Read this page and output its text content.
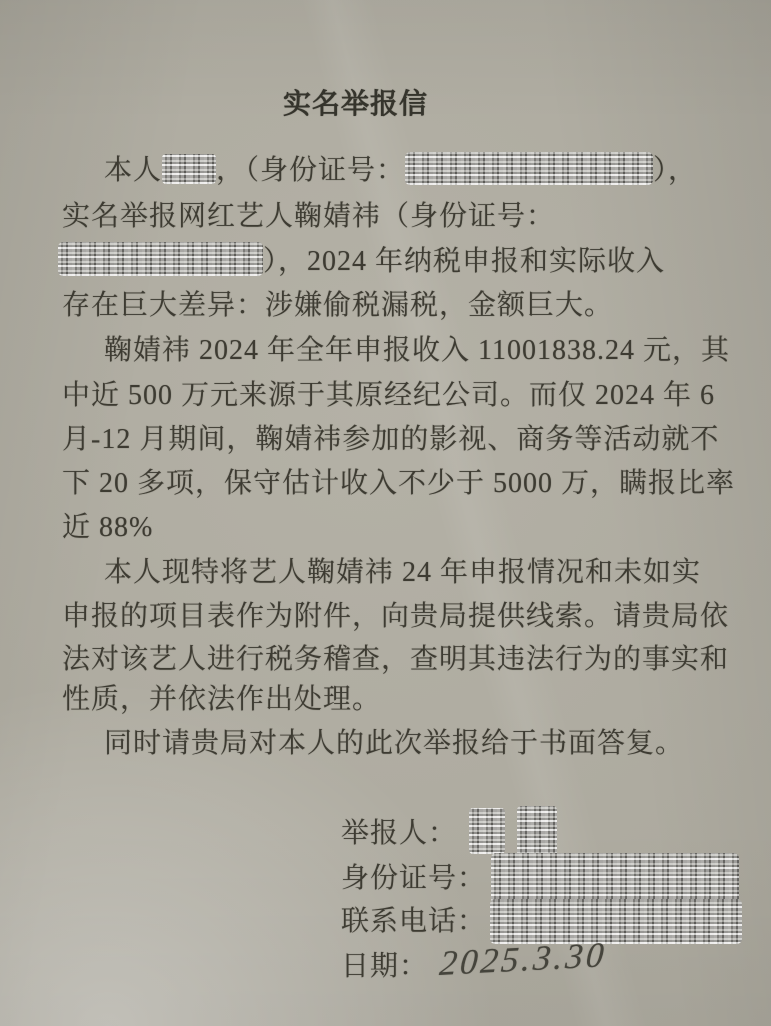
实名举报信
本人 ，（身份证号：	），
实名举报网红艺人鞠婧祎（身份证号：
），2024 年纳税申报和实际收入
存在巨大差异：涉嫌偷税漏税，金额巨大。
鞠婧祎 2024 年全年申报收入 11001838.24 元，其
中近 500 万元来源于其原经纪公司。而仅 2024 年 6
月-12 月期间，鞠婧祎参加的影视、商务等活动就不
下 20 多项，保守估计收入不少于 5000 万，瞒报比率
近 88%
本人现特将艺人鞠婧祎 24 年申报情况和未如实
申报的项目表作为附件，向贵局提供线索。请贵局依
法对该艺人进行税务稽查，查明其违法行为的事实和
性质，并依法作出处理。
同时请贵局对本人的此次举报给于书面答复。
举报人：
身份证号：
联系电话：
日期： 2025.3.30
